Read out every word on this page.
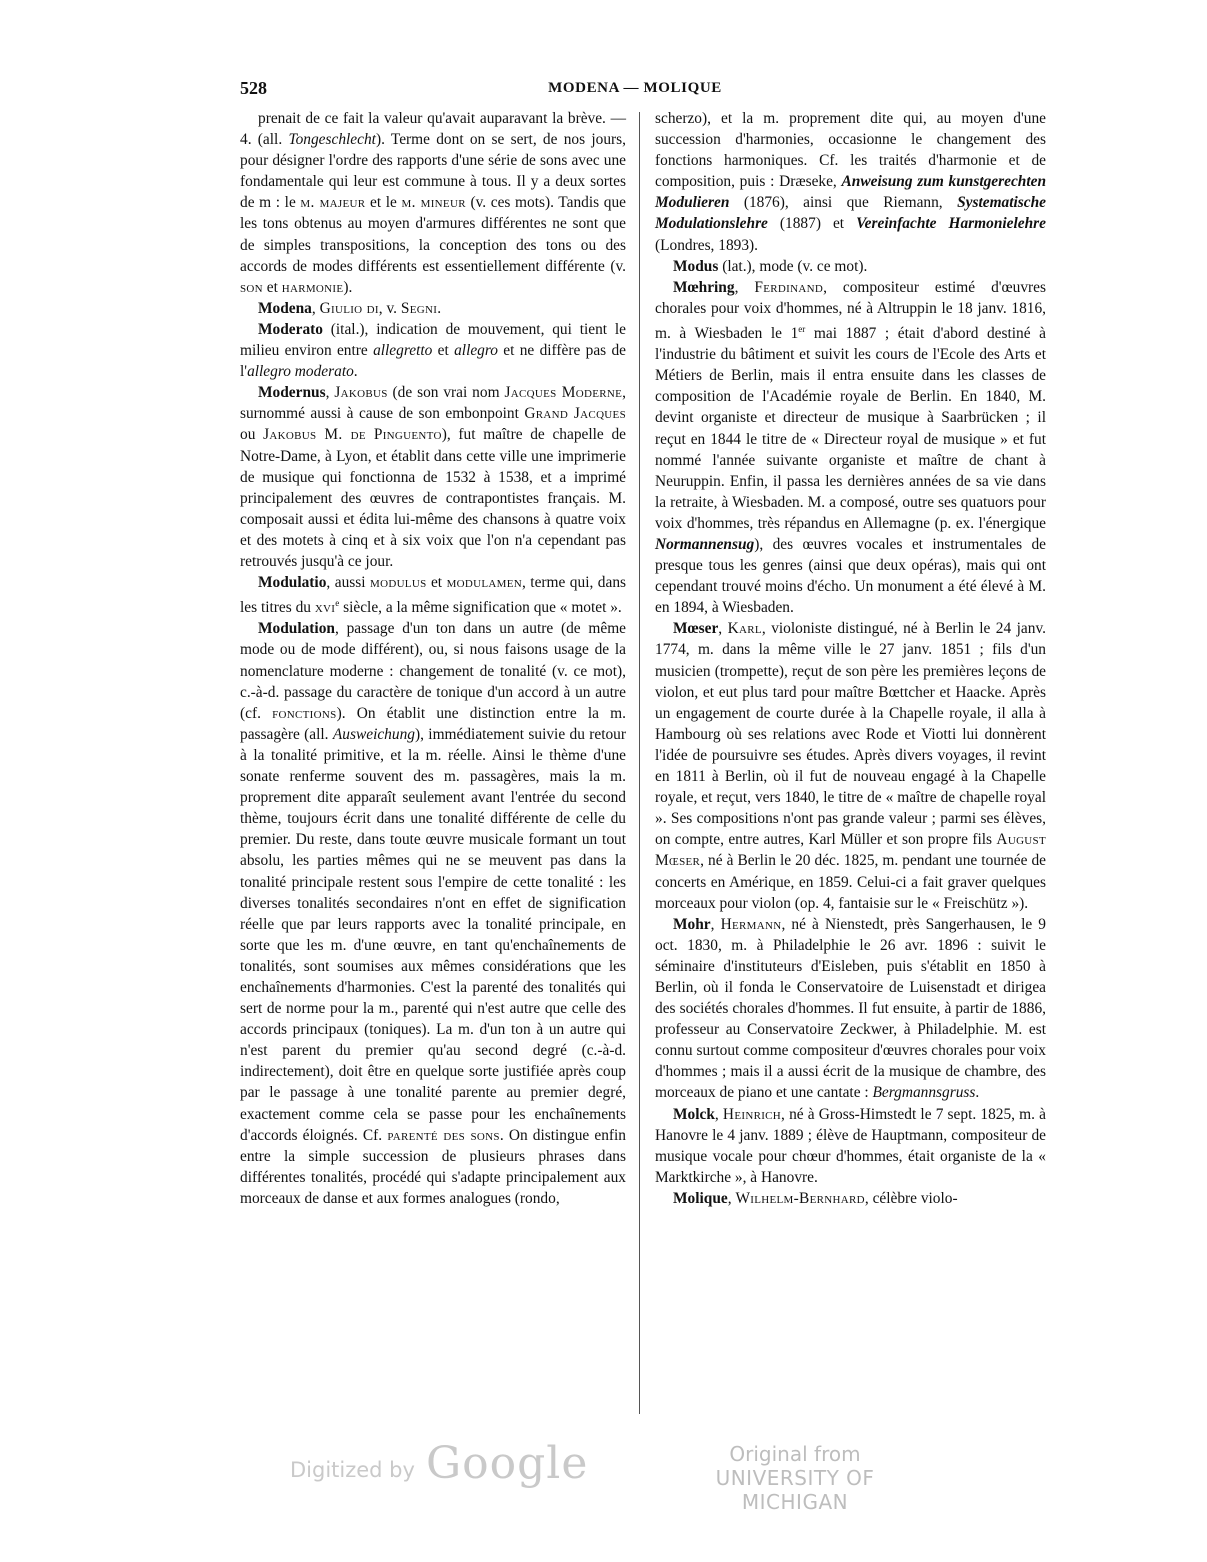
528	MODENA — MOLIQUE

prenait de ce fait la valeur qu'avait auparavant la brève. — 4. (all. Tongeschlecht). Terme dont on se sert, de nos jours, pour désigner l'ordre des rapports d'une série de sons avec une fondamentale qui leur est commune à tous. Il y a deux sortes de m : le m. majeur et le m. mineur (v. ces mots). Tandis que les tons obtenus au moyen d'armures différentes ne sont que de simples transpositions, la conception des tons ou des accords de modes différents est essentiellement différente (v. son et harmonie).

Modena, Giulio di, v. Segni.

Moderato (ital.), indication de mouvement, qui tient le milieu environ entre allegretto et allegro et ne diffère pas de l'allegro moderato.

Modernus, Jakobus (de son vrai nom Jacques Moderne, surnommé aussi à cause de son embonpoint Grand Jacques ou Jakobus M. de Pinguento), fut maître de chapelle de Notre-Dame, à Lyon, et établit dans cette ville une imprimerie de musique qui fonctionna de 1532 à 1538, et a imprimé principalement des œuvres de contrapontistes français. M. composait aussi et édita lui-même des chansons à quatre voix et des motets à cinq et à six voix que l'on n'a cependant pas retrouvés jusqu'à ce jour.

Modulatio, aussi modulus et modulamen, terme qui, dans les titres du xvi$^e$ siècle, a la même signification que « motet ».

Modulation, passage d'un ton dans un autre (de même mode ou de mode différent), ou, si nous faisons usage de la nomenclature moderne : changement de tonalité (v. ce mot), c.-à-d. passage du caractère de tonique d'un accord à un autre (cf. fonctions). On établit une distinction entre la m. passagère (all. Ausweichung), immédiatement suivie du retour à la tonalité primitive, et la m. réelle. Ainsi le thème d'une sonate renferme souvent des m. passagères, mais la m. proprement dite apparaît seulement avant l'entrée du second thème, toujours écrit dans une tonalité différente de celle du premier. Du reste, dans toute œuvre musicale formant un tout absolu, les parties mêmes qui ne se meuvent pas dans la tonalité principale restent sous l'empire de cette tonalité : les diverses tonalités secondaires n'ont en effet de signification réelle que par leurs rapports avec la tonalité principale, en sorte que les m. d'une œuvre, en tant qu'enchaînements de tonalités, sont soumises aux mêmes considérations que les enchaînements d'harmonies. C'est la parenté des tonalités qui sert de norme pour la m., parenté qui n'est autre que celle des accords principaux (toniques). La m. d'un ton à un autre qui n'est parent du premier qu'au second degré (c.-à-d. indirectement), doit être en quelque sorte justifiée après coup par le passage à une tonalité parente au premier degré, exactement comme cela se passe pour les enchaînements d'accords éloignés. Cf. parenté des sons. On distingue enfin entre la simple succession de plusieurs phrases dans différentes tonalités, procédé qui s'adapte principalement aux morceaux de danse et aux formes analogues (rondo,

scherzo), et la m. proprement dite qui, au moyen d'une succession d'harmonies, occasionne le changement des fonctions harmoniques. Cf. les traités d'harmonie et de composition, puis : Dræseke, Anweisung zum kunstgerechten Modulieren (1876), ainsi que Riemann, Systematische Modulationslehre (1887) et Vereinfachte Harmonielehre (Londres, 1893).

Modus (lat.), mode (v. ce mot).

Mœhring, Ferdinand, compositeur estimé d'œuvres chorales pour voix d'hommes, né à Altruppin le 18 janv. 1816, m. à Wiesbaden le 1er mai 1887 ; était d'abord destiné à l'industrie du bâtiment et suivit les cours de l'Ecole des Arts et Métiers de Berlin, mais il entra ensuite dans les classes de composition de l'Académie royale de Berlin. En 1840, M. devint organiste et directeur de musique à Saarbrücken ; il reçut en 1844 le titre de « Directeur royal de musique » et fut nommé l'année suivante organiste et maître de chant à Neuruppin. Enfin, il passa les dernières années de sa vie dans la retraite, à Wiesbaden. M. a composé, outre ses quatuors pour voix d'hommes, très répandus en Allemagne (p. ex. l'énergique Normannensug), des œuvres vocales et instrumentales de presque tous les genres (ainsi que deux opéras), mais qui ont cependant trouvé moins d'écho. Un monument a été élevé à M. en 1894, à Wiesbaden.

Mœser, Karl, violoniste distingué, né à Berlin le 24 janv. 1774, m. dans la même ville le 27 janv. 1851 ; fils d'un musicien (trompette), reçut de son père les premières leçons de violon, et eut plus tard pour maître Bœttcher et Haacke. Après un engagement de courte durée à la Chapelle royale, il alla à Hambourg où ses relations avec Rode et Viotti lui donnèrent l'idée de poursuivre ses études. Après divers voyages, il revint en 1811 à Berlin, où il fut de nouveau engagé à la Chapelle royale, et reçut, vers 1840, le titre de « maître de chapelle royal ». Ses compositions n'ont pas grande valeur ; parmi ses élèves, on compte, entre autres, Karl Müller et son propre fils August Mœser, né à Berlin le 20 déc. 1825, m. pendant une tournée de concerts en Amérique, en 1859. Celui-ci a fait graver quelques morceaux pour violon (op. 4, fantaisie sur le « Freischütz »).

Mohr, Hermann, né à Nienstedt, près Sangerhausen, le 9 oct. 1830, m. à Philadelphie le 26 avr. 1896 : suivit le séminaire d'instituteurs d'Eisleben, puis s'établit en 1850 à Berlin, où il fonda le Conservatoire de Luisenstadt et dirigea des sociétés chorales d'hommes. Il fut ensuite, à partir de 1886, professeur au Conservatoire Zeckwer, à Philadelphie. M. est connu surtout comme compositeur d'œuvres chorales pour voix d'hommes ; mais il a aussi écrit de la musique de chambre, des morceaux de piano et une cantate : Bergmannsgruss.

Molck, Heinrich, né à Gross-Himstedt le 7 sept. 1825, m. à Hanovre le 4 janv. 1889 ; élève de Hauptmann, compositeur de musique vocale pour chœur d'hommes, était organiste de la « Marktkirche », à Hanovre.

Molique, Wilhelm-Bernhard, célèbre violo-

Digitized by Google	Original from
UNIVERSITY OF MICHIGAN
